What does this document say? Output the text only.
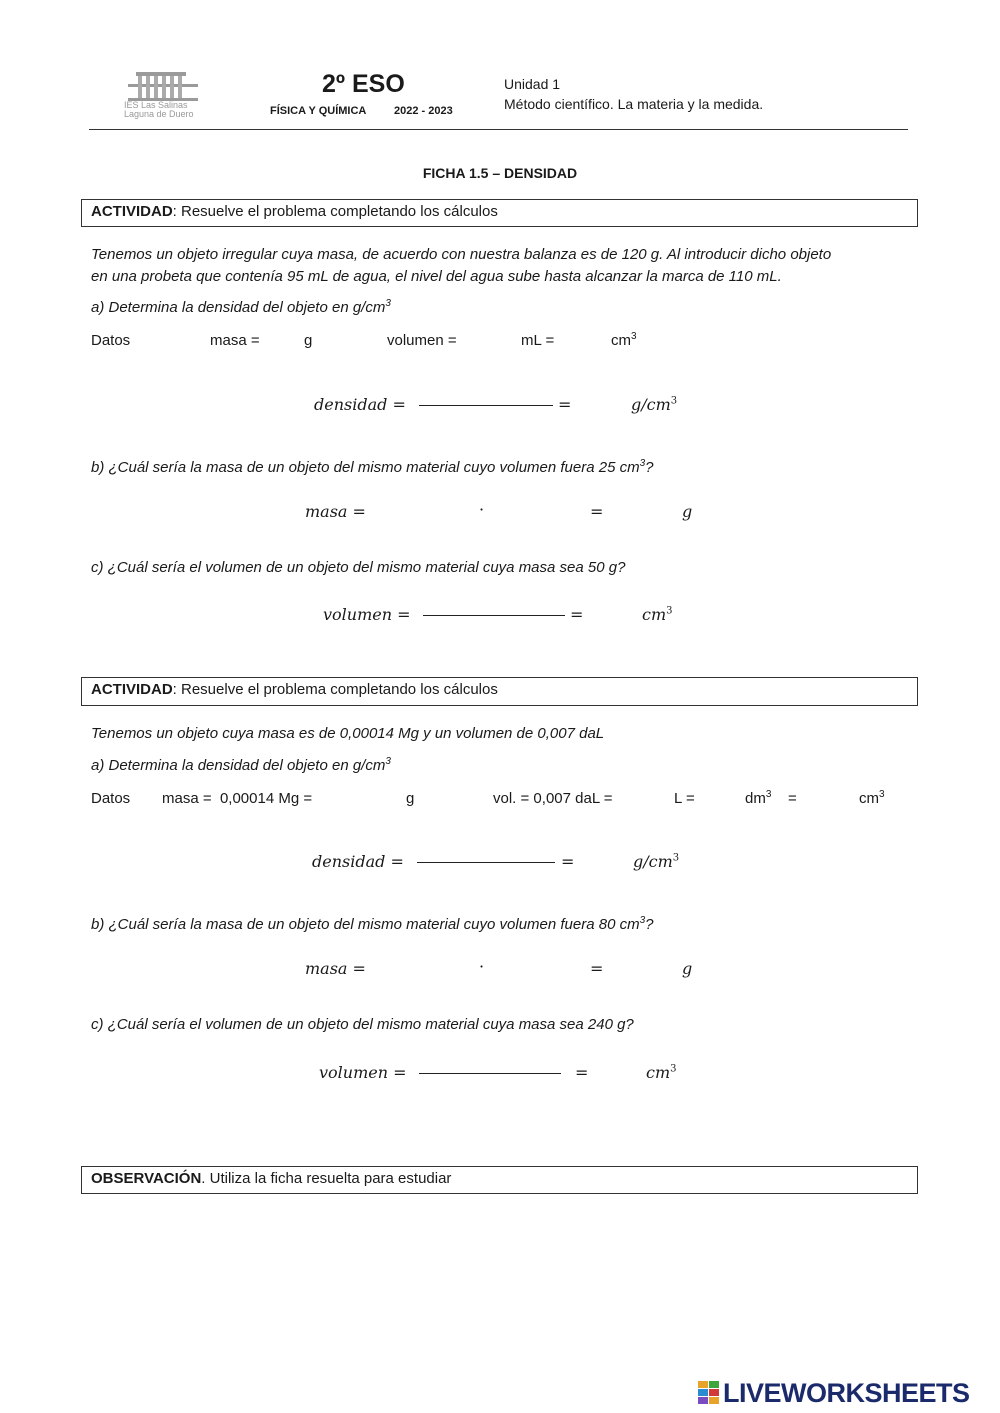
IES Las Salinas
Laguna de Duero
2º ESO
FÍSICA Y QUÍMICA	2022 - 2023
Unidad 1
Método científico. La materia y la medida.
FICHA 1.5 – DENSIDAD
ACTIVIDAD: Resuelve el problema completando los cálculos
Tenemos un objeto irregular cuya masa, de acuerdo con nuestra balanza es de 120 g. Al introducir dicho objeto
en una probeta que contenía 95 mL de agua, el nivel del agua sube hasta alcanzar la marca de 110 mL.
a) Determina la densidad del objeto en $g/cm^3$
Datos	masa =	g	volumen =	mL =	$cm^3$
densidad =	=	$g/cm^3$
b) ¿Cuál sería la masa de un objeto del mismo material cuyo volumen fuera 25 $cm^3$?
masa =	·	=	g
c) ¿Cuál sería el volumen de un objeto del mismo material cuya masa sea 50 g?
volumen =	=	$cm^3$
ACTIVIDAD: Resuelve el problema completando los cálculos
Tenemos un objeto cuya masa es de 0,00014 Mg y un volumen de 0,007 daL
a) Determina la densidad del objeto en $g/cm^3$
Datos masa =  0,00014 Mg =	g	vol. = 0,007 daL =	L =	$dm^3$ =	$cm^3$
densidad =	=	$g/cm^3$
b) ¿Cuál sería la masa de un objeto del mismo material cuyo volumen fuera 80 $cm^3$?
masa =	·	=	g
c) ¿Cuál sería el volumen de un objeto del mismo material cuya masa sea 240 g?
volumen =	=	$cm^3$
OBSERVACIÓN. Utiliza la ficha resuelta para estudiar
LIVEWORKSHEETS
